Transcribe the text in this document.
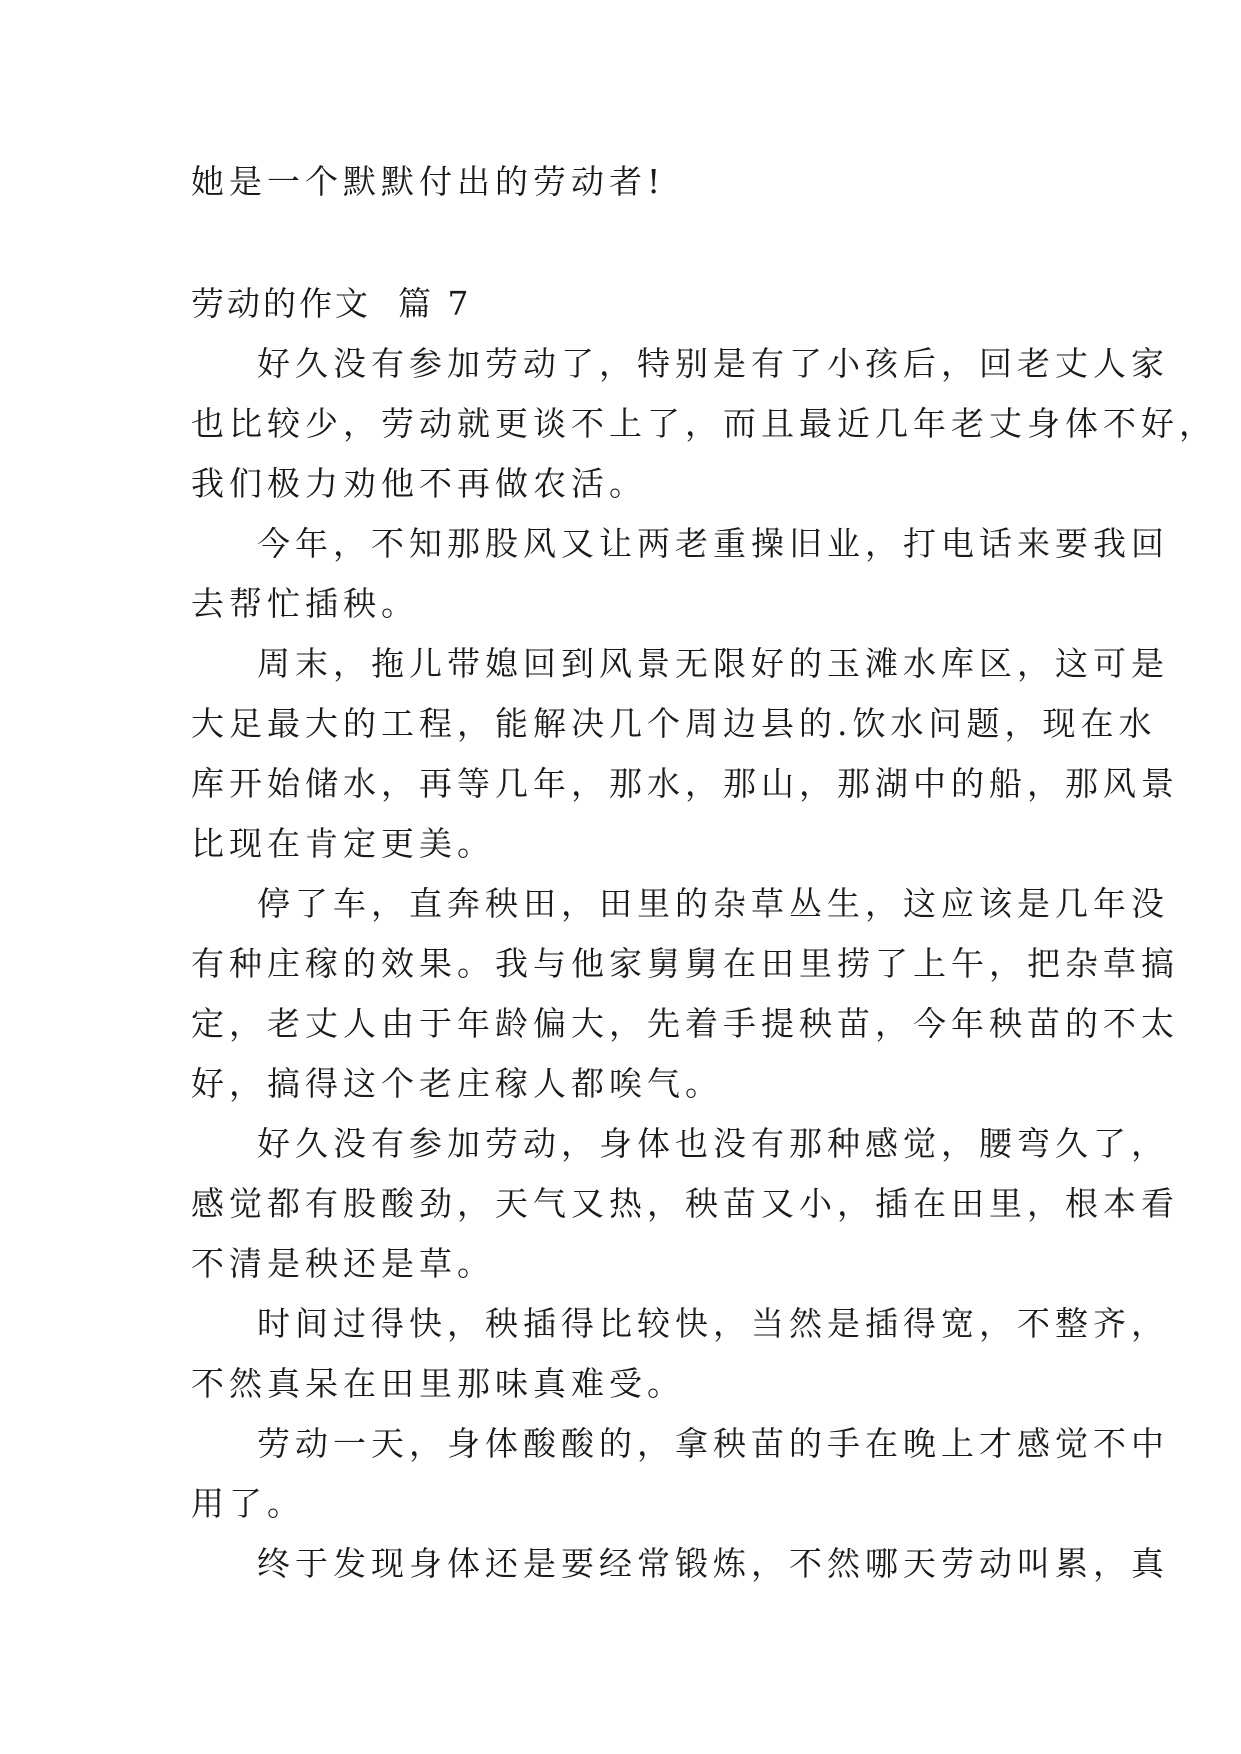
她是一个默默付出的劳动者!
劳动的作文  篇 7
好久没有参加劳动了，特别是有了小孩后，回老丈人家
也比较少，劳动就更谈不上了，而且最近几年老丈身体不好，
我们极力劝他不再做农活。
今年，不知那股风又让两老重操旧业，打电话来要我回
去帮忙插秧。
周末，拖儿带媳回到风景无限好的玉滩水库区，这可是
大足最大的工程，能解决几个周边县的.饮水问题，现在水
库开始储水，再等几年，那水，那山，那湖中的船，那风景
比现在肯定更美。
停了车，直奔秧田，田里的杂草丛生，这应该是几年没
有种庄稼的效果。我与他家舅舅在田里捞了上午，把杂草搞
定，老丈人由于年龄偏大，先着手提秧苗，今年秧苗的不太
好，搞得这个老庄稼人都唉气。
好久没有参加劳动，身体也没有那种感觉，腰弯久了，
感觉都有股酸劲，天气又热，秧苗又小，插在田里，根本看
不清是秧还是草。
时间过得快，秧插得比较快，当然是插得宽，不整齐，
不然真呆在田里那味真难受。
劳动一天，身体酸酸的，拿秧苗的手在晚上才感觉不中
用了。
终于发现身体还是要经常锻炼，不然哪天劳动叫累，真
